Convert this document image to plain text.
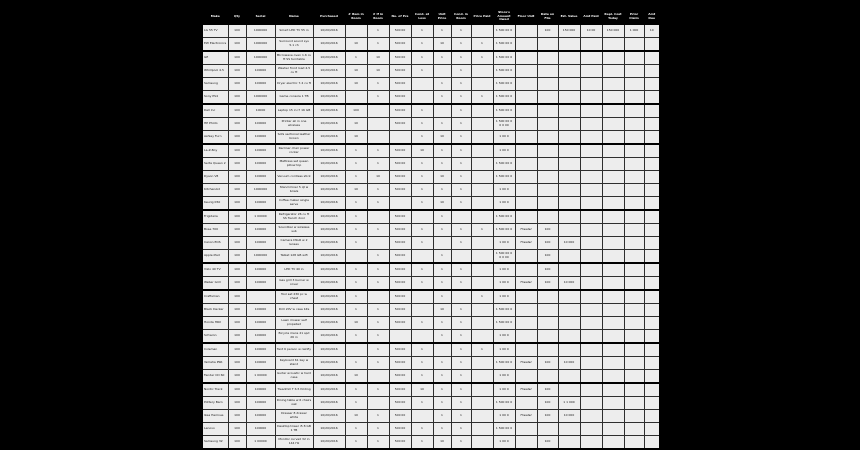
Make	Qty	Serial	Name	Purchased	# Item in Room	# If in Room	No. of Pcs	Cond. at Loss	Unit Price	Cond. in Room	Price Paid	Store's Amount Owed	Floor Unit	Date on File	Est. Value	Amt Paid	Repl. Cost Today	Prior Claim	Amt Due
LG 55 TV	100	1000000	Smart LED TV 55 in	10/20/2016		1	500 00	1	1	1		1 500 00 0		100	150 000	10 00	150 000	1 000	10
EW Electronics	100	1000000	Surround sound sys 5.1 ch	10/20/2016	10	1	500 00	1	10	1	1	1 500 00 0							
GE	100	1000000	Microwave oven 1.6 cu ft SS turntable	10/20/2016	1	10	500 00	1	1	1	1	1 500 00 0							
Whirlpool 4.5	100	100000	Washer front load 4.5 cu ft	10/20/2016	10	10	500 00	1		1		1 500 00 0							
Samsung	100	100000	Dryer electric 7.4 cu ft	10/20/2016	10	1	500 00		1	1		1 500 00 0							
Sony PS4	100	1000000	Game console 1 TB	10/20/2016		1	500 00		1	1	1	1 500 00 0							
Dell Inc	100	10000	Laptop 15 in i7 16 GB	10/20/2016	100		500 00	1		1		1 500 00 0							
HP Photo	100	100000	Printer all in one wireless	10/20/2016	10		500 00	1	1	1		1 500 00 0 0 0 00							
Ashley Furn	100	100000	Sofa sectional leather brown	10/20/2016	10			1	10	1		1 00 0							
La-Z-Boy	100	100000	Recliner chair power rocker	10/20/2016	1	1	500 00	10	1	1		1 00 0							
Serta Queen 2	100	100000	Mattress set queen pillow top	10/20/2016	1	1	500 00	1	1	1		1 500 00 0							
Dyson V8	100	100000	Vacuum cordless stick	10/20/2016	1	10	500 00	1	10	1		1 500 00 0							
KitchenAid	100	1000000	Stand mixer 5 qt w bowls	10/20/2016	10	1	500 00	1	1	1		1 00 0							
Keurig K50	100	100000	Coffee maker single serve	10/20/2016	1	1		1	10	1		1 00 0							
Frigidaire	100	1 00000	Refrigerator 26 cu ft SS french door	10/20/2016	1		500 00		1			1 500 00 0							
Bose 700	100	100000	Soundbar w wireless sub	10/20/2016	1	1	500 00	1	1	1	1	1 500 00 0	Theater	100					
Canon EOS	100	100000	Camera DSLR w 2 lenses	10/20/2016	1		500 00	1		1		1 00 0	Theater	100	10 000				
Apple iPad	100	1000000	Tablet 128 GB wifi	10/20/2016		1	500 00		1			1 500 00 0 0 0 00		100					
Vizio 40 TV	100	100000	LED TV 40 in	10/20/2016	1	1	500 00	1	1	1		1 00 0		100					
Weber Grill	100	100000	Gas grill 3 burner w cover	10/20/2016	1	1	500 00	1	1	1		1 00 0	Theater	100	10 000				
Craftsman	100		Tool set 230 pc w chest	10/20/2016	1		500 00		1		1	1 00 0							
Black Decker	100	100000	Drill 20V w case bits	10/20/2016	1	1	500 00		10	1		1 500 00 0							
Honda HRX	100	100000	Lawn mower self propelled	10/20/2016	10	1	500 00	1	1	1		1 500 00 0							
Schwinn	100	100000	Bicycle mens 21 spd 26 in	10/20/2016	1	1			1	1		1 00 0							
Coleman	100	100000	Tent 6 person w rainfly	10/20/2016		1	500 00	1		1	1	1 00 0							
Yamaha PSR	100	100000	Keyboard 61 key w stand	10/20/2016	1	1	500 00	1	1	1		1 500 00 0	Theater	100	10 000				
Fender CD 60	100	1 00000	Guitar acoustic w hard case	10/20/2016	10		500 00	1	1	1		1 00 0							
Nordic Track	100	100000	Treadmill T 6.5 folding	10/20/2016	1	1	500 00	10	1	1		1 00 0	Theater	100					
Pottery Barn	100	100000	Dining table w 6 chairs oak	10/20/2016	1		500 00	1	1	1		1 500 00 0		100	1 1 000				
Ikea Hemnes	100	100000	Dresser 8 drawer white	10/20/2016	10	1	500 00		1	1		1 00 0	Theater	100	10 000				
Lenovo	100	100000	Desktop tower i5 8 GB 1 TB	10/20/2016	1	1	500 00	1	1	1		1 500 00 0							
Samsung 32	100	1 00000	Monitor curved 32 in 144 Hz	10/20/2016	1	1	500 00	1	10	1		1 00 0		100					
